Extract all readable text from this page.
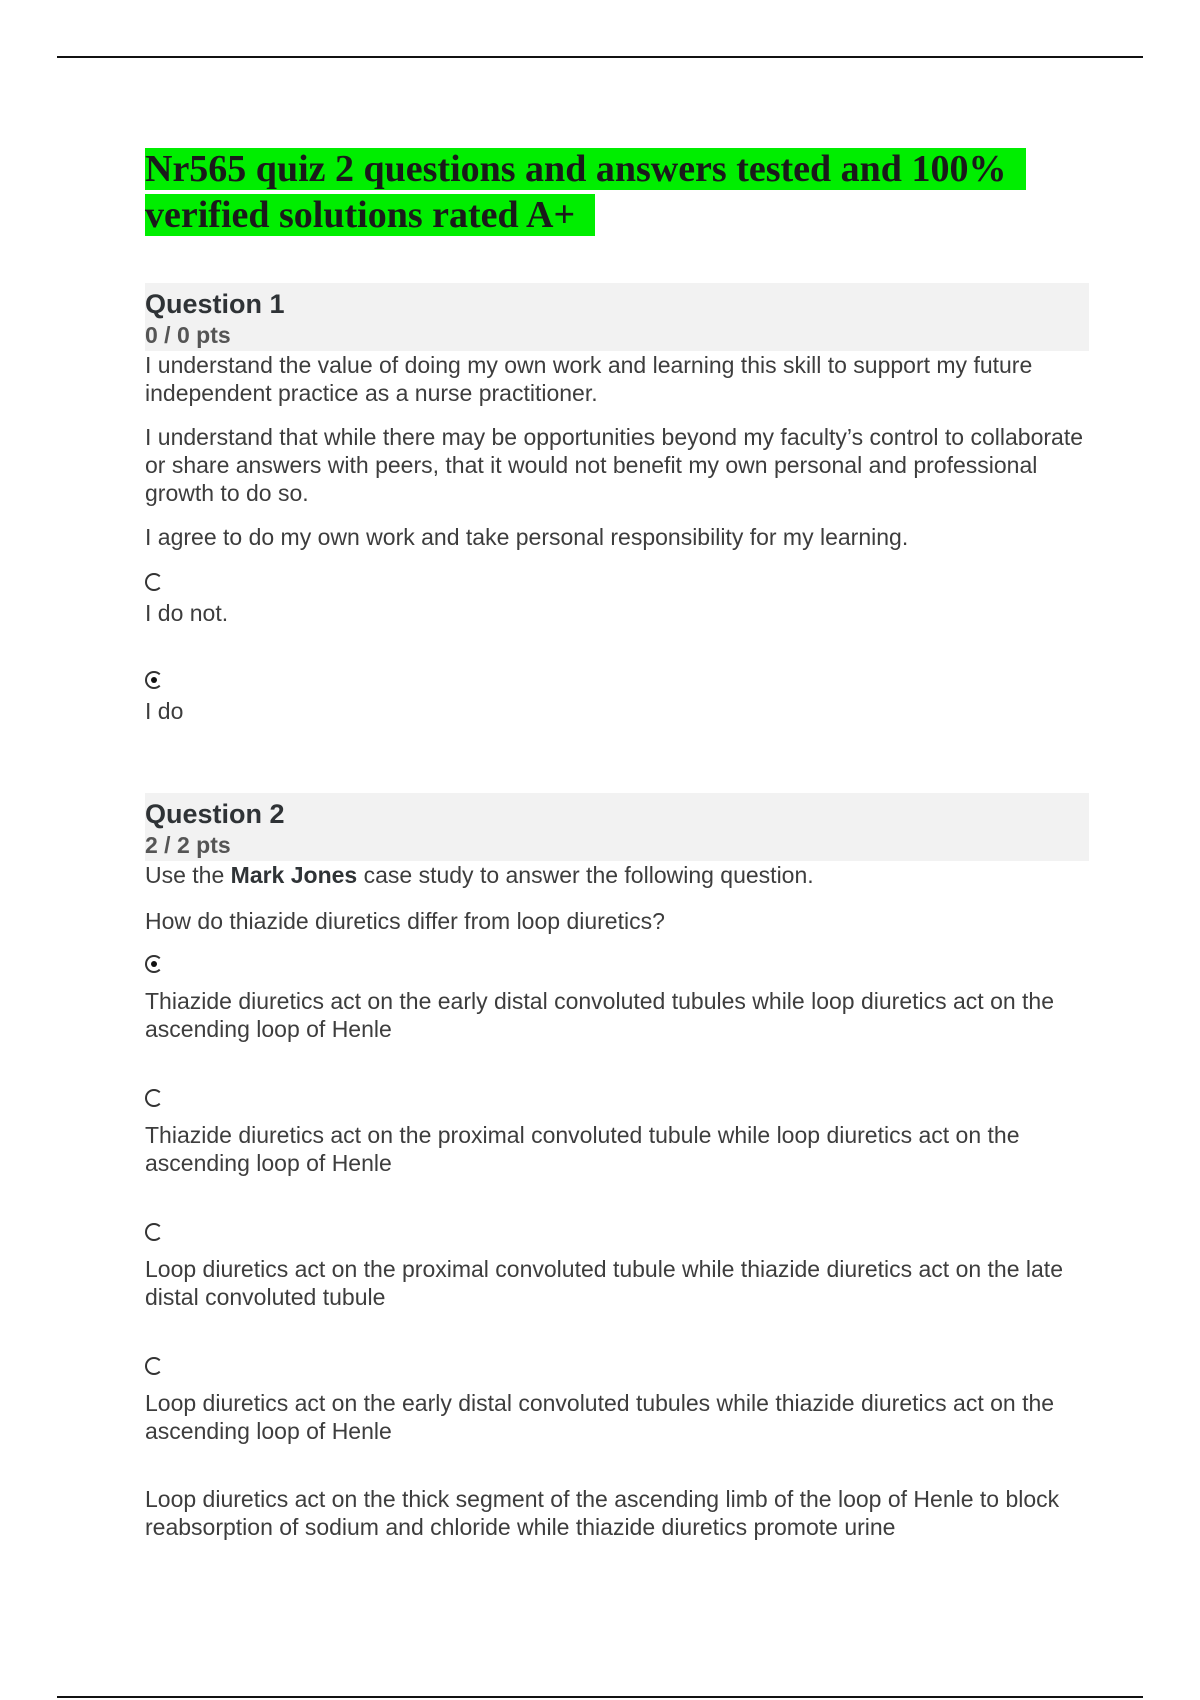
Nr565 quiz 2 questions and answers tested and 100% verified solutions rated A+
Question 1
0 / 0 pts

I understand the value of doing my own work and learning this skill to support my future independent practice as a nurse practitioner.

I understand that while there may be opportunities beyond my faculty’s control to collaborate or share answers with peers, that it would not benefit my own personal and professional growth to do so.

I agree to do my own work and take personal responsibility for my learning.

I do not.

I do

Question 2
2 / 2 pts

Use the Mark Jones case study to answer the following question.

How do thiazide diuretics differ from loop diuretics?

Thiazide diuretics act on the early distal convoluted tubules while loop diuretics act on the ascending loop of Henle

Thiazide diuretics act on the proximal convoluted tubule while loop diuretics act on the ascending loop of Henle

Loop diuretics act on the proximal convoluted tubule while thiazide diuretics act on the late distal convoluted tubule

Loop diuretics act on the early distal convoluted tubules while thiazide diuretics act on the ascending loop of Henle

Loop diuretics act on the thick segment of the ascending limb of the loop of Henle to block reabsorption of sodium and chloride while thiazide diuretics promote urine
